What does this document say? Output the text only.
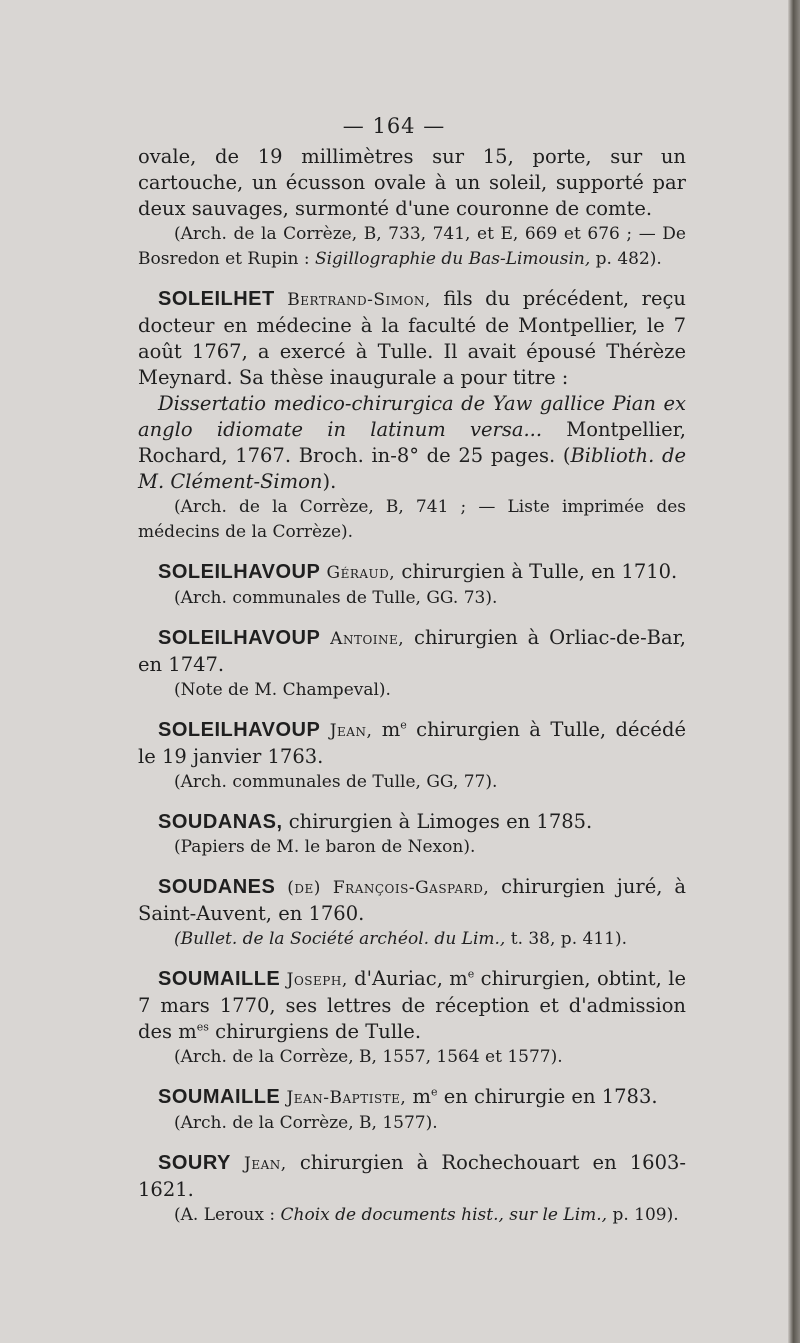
— 164 —

ovale, de 19 millimètres sur 15, porte, sur un cartouche, un écusson ovale à un soleil, supporté par deux sauvages, surmonté d'une couronne de comte.

(Arch. de la Corrèze, B, 733, 741, et E, 669 et 676 ; — De Bosredon et Rupin : Sigillographie du Bas-Limousin, p. 482).

SOLEILHET Bertrand-Simon, fils du précédent, reçu docteur en médecine à la faculté de Montpellier, le 7 août 1767, a exercé à Tulle. Il avait épousé Thérèze Meynard. Sa thèse inaugurale a pour titre :

Dissertatio medico-chirurgica de Yaw gallice Pian ex anglo idiomate in latinum versa... Montpellier, Rochard, 1767. Broch. in-8° de 25 pages. (Biblioth. de M. Clément-Simon).

(Arch. de la Corrèze, B, 741 ; — Liste imprimée des médecins de la Corrèze).

SOLEILHAVOUP Géraud, chirurgien à Tulle, en 1710.

(Arch. communales de Tulle, GG. 73).

SOLEILHAVOUP Antoine, chirurgien à Orliac-de-Bar, en 1747.

(Note de M. Champeval).

SOLEILHAVOUP Jean, $m^e$ chirurgien à Tulle, décédé le 19 janvier 1763.

(Arch. communales de Tulle, GG, 77).

SOUDANAS, chirurgien à Limoges en 1785.

(Papiers de M. le baron de Nexon).

SOUDANES (de) François-Gaspard, chirurgien juré, à Saint-Auvent, en 1760.

(Bullet. de la Société archéol. du Lim., t. 38, p. 411).

SOUMAILLE Joseph, d'Auriac, $m^e$ chirurgien, obtint, le 7 mars 1770, ses lettres de réception et d'admission des $m^{es}$ chirurgiens de Tulle.

(Arch. de la Corrèze, B, 1557, 1564 et 1577).

SOUMAILLE Jean-Baptiste, $m^e$ en chirurgie en 1783.

(Arch. de la Corrèze, B, 1577).

SOURY Jean, chirurgien à Rochechouart en 1603-1621.

(A. Leroux : Choix de documents hist., sur le Lim., p. 109).
